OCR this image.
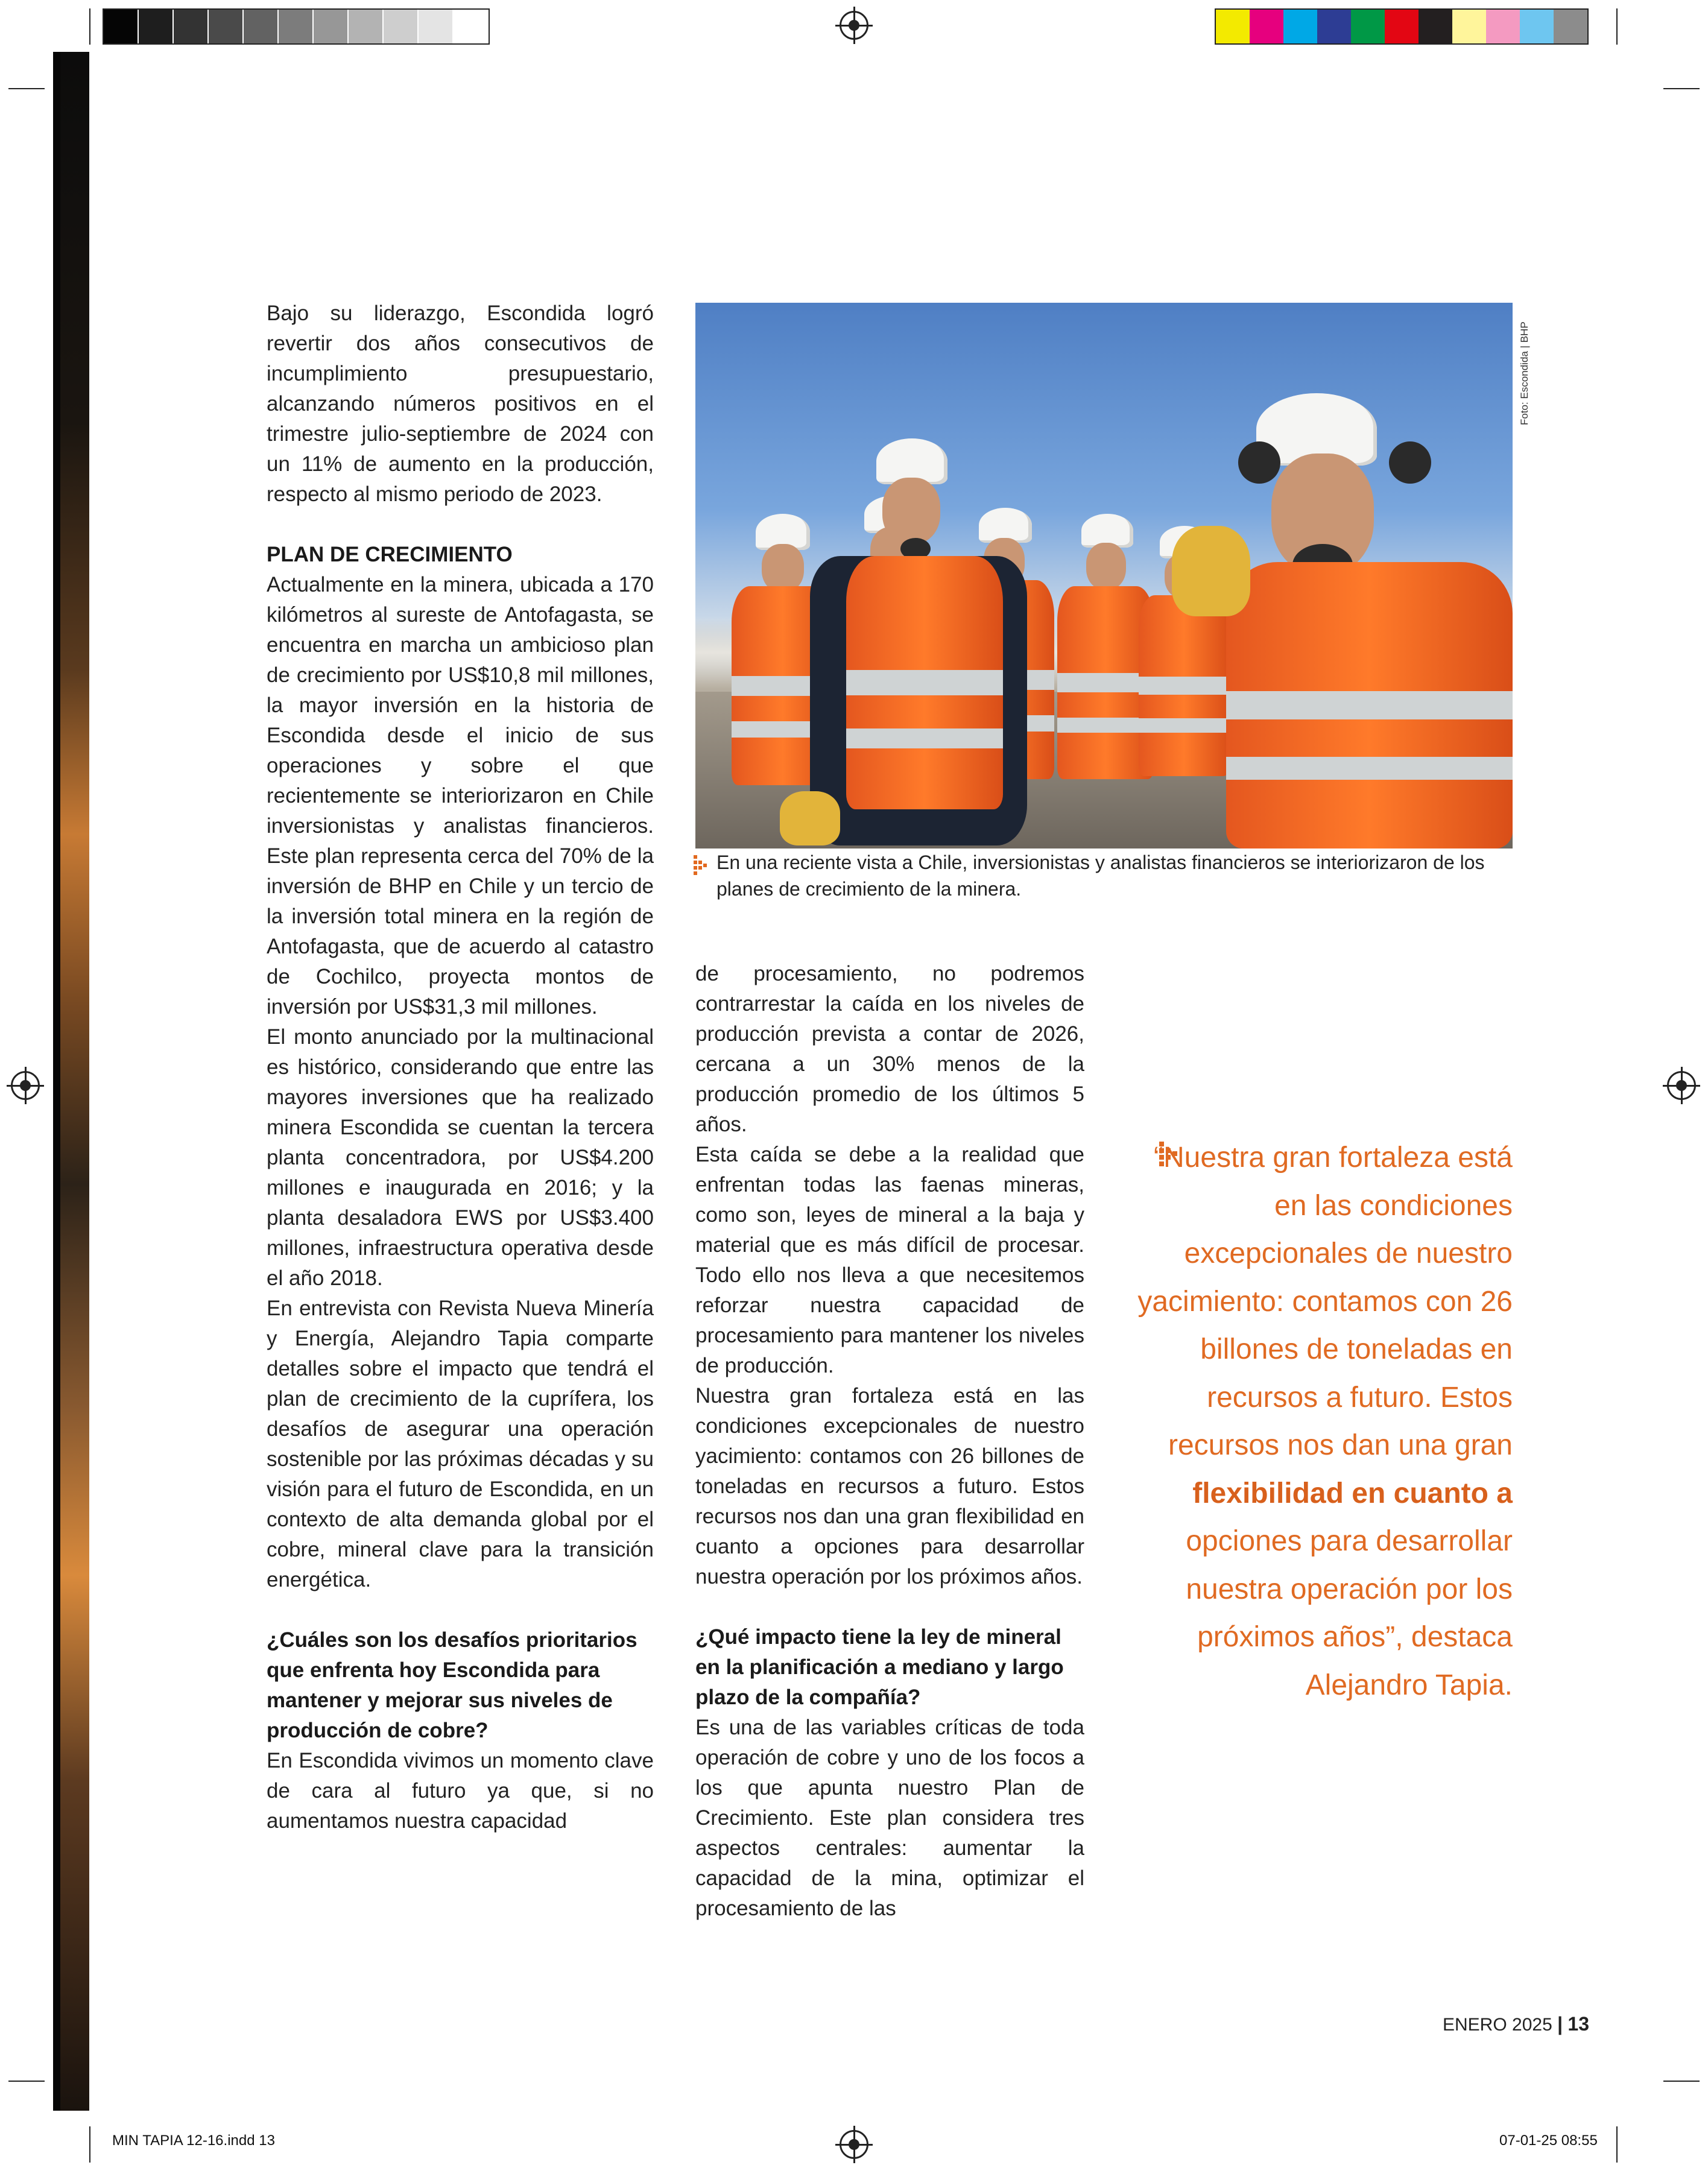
Bajo su liderazgo, Escondida logró revertir dos años consecutivos de incumplimiento presupuestario, alcanzando números positivos en el trimestre julio-septiembre de 2024 con un 11% de aumento en la producción, respecto al mismo periodo de 2023.

PLAN DE CRECIMIENTO

Actualmente en la minera, ubicada a 170 kilómetros al sureste de Antofagasta, se encuentra en marcha un ambicioso plan de crecimiento por US$10,8 mil millones, la mayor inversión en la historia de Escondida desde el inicio de sus operaciones y sobre el que recientemente se interiorizaron en Chile inversionistas y analistas financieros. Este plan representa cerca del 70% de la inversión de BHP en Chile y un tercio de la inversión total minera en la región de Antofagasta, que de acuerdo al catastro de Cochilco, proyecta montos de inversión por US$31,3 mil millones.

El monto anunciado por la multinacional es histórico, considerando que entre las mayores inversiones que ha realizado minera Escondida se cuentan la tercera planta concentradora, por US$4.200 millones e inaugurada en 2016; y la planta desaladora EWS por US$3.400 millones, infraestructura operativa desde el año 2018.

En entrevista con Revista Nueva Minería y Energía, Alejandro Tapia comparte detalles sobre el impacto que tendrá el plan de crecimiento de la cuprífera, los desafíos de asegurar una operación sostenible por las próximas décadas y su visión para el futuro de Escondida, en un contexto de alta demanda global por el cobre, mineral clave para la transición energética.

¿Cuáles son los desafíos prioritarios que enfrenta hoy Escondida para mantener y mejorar sus niveles de producción de cobre?

En Escondida vivimos un momento clave de cara al futuro ya que, si no aumentamos nuestra capacidad

Foto: Escondida | BHP
En una reciente vista a Chile, inversionistas y analistas financieros se interiorizaron de los planes de crecimiento de la minera.

de procesamiento, no podremos contrarrestar la caída en los niveles de producción prevista a contar de 2026, cercana a un 30% menos de la producción promedio de los últimos 5 años.

Esta caída se debe a la realidad que enfrentan todas las faenas mineras, como son, leyes de mineral a la baja y material que es más difícil de procesar. Todo ello nos lleva a que necesitemos reforzar nuestra capacidad de procesamiento para mantener los niveles de producción.

Nuestra gran fortaleza está en las condiciones excepcionales de nuestro yacimiento: contamos con 26 billones de toneladas en recursos a futuro. Estos recursos nos dan una gran flexibilidad en cuanto a opciones para desarrollar nuestra operación por los próximos años.

¿Qué impacto tiene la ley de mineral en la planificación a mediano y largo plazo de la compañía?

Es una de las variables críticas de toda operación de cobre y uno de los focos a los que apunta nuestro Plan de Crecimiento. Este plan considera tres aspectos centrales: aumentar la capacidad de la mina, optimizar el procesamiento de las

“Nuestra gran fortaleza está en las condiciones excepcionales de nuestro yacimiento: contamos con 26 billones de toneladas en recursos a futuro. Estos recursos nos dan una gran flexibilidad en cuanto a opciones para desarrollar nuestra operación por los próximos años”, destaca Alejandro Tapia.
ENERO 2025 | 13
MIN TAPIA 12-16.indd 13	07-01-25 08:55
